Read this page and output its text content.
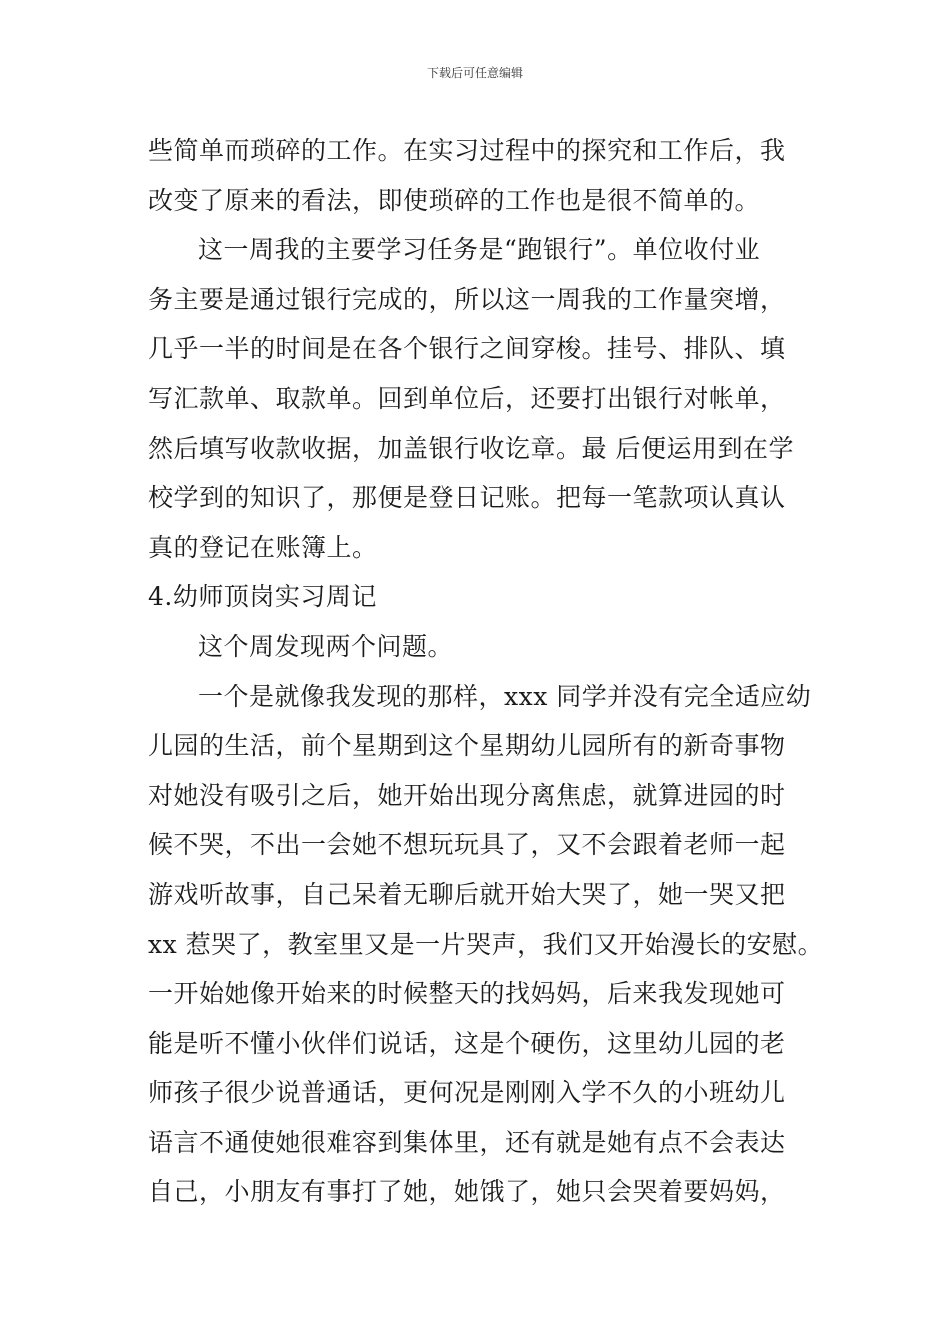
下载后可任意编辑
些简单而琐碎的工作。在实习过程中的探究和工作后，我
改变了原来的看法，即使琐碎的工作也是很不简单的。
这一周我的主要学习任务是“跑银行”。单位收付业
务主要是通过银行完成的，所以这一周我的工作量突增，
几乎一半的时间是在各个银行之间穿梭。挂号、排队、填
写汇款单、取款单。回到单位后，还要打出银行对帐单，
然后填写收款收据，加盖银行收讫章。最 后便运用到在学
校学到的知识了，那便是登日记账。把每一笔款项认真认
真的登记在账簿上。
4.幼师顶岗实习周记
这个周发现两个问题。
一个是就像我发现的那样，xxx 同学并没有完全适应幼
儿园的生活，前个星期到这个星期幼儿园所有的新奇事物
对她没有吸引之后，她开始出现分离焦虑，就算进园的时
候不哭，不出一会她不想玩玩具了，又不会跟着老师一起
游戏听故事，自己呆着无聊后就开始大哭了，她一哭又把
xx 惹哭了，教室里又是一片哭声，我们又开始漫长的安慰。
一开始她像开始来的时候整天的找妈妈，后来我发现她可
能是听不懂小伙伴们说话，这是个硬伤，这里幼儿园的老
师孩子很少说普通话，更何况是刚刚入学不久的小班幼儿
语言不通使她很难容到集体里，还有就是她有点不会表达
自己，小朋友有事打了她，她饿了，她只会哭着要妈妈，
